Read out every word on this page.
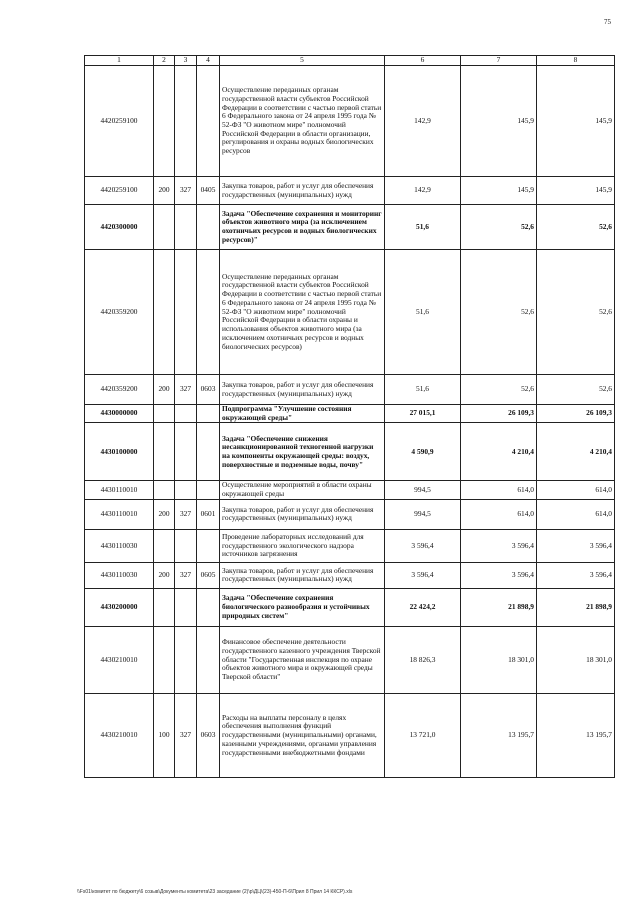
75
1	2	3	4	5	6	7	8
4420259100				Осуществление переданных органам государственной власти субъектов Российской Федерации в соответствии с частью первой статьи 6 Федерального закона от 24 апреля 1995 года № 52-ФЗ "О животном мире" полномочий Российской Федерации в области организации, регулирования и охраны водных биологических ресурсов	142,9	145,9	145,9
4420259100	200	327	0405	Закупка товаров, работ и услуг для обеспечения государственных (муниципальных) нужд	142,9	145,9	145,9
4420300000				Задача "Обеспечение сохранения и мониторинг объектов животного мира (за исключением охотничьих ресурсов и водных биологических ресурсов)"	51,6	52,6	52,6
4420359200				Осуществление переданных органам государственной власти субъектов Российской Федерации в соответствии с частью первой статьи 6 Федерального закона от 24 апреля 1995 года № 52-ФЗ "О животном мире" полномочий Российской Федерации в области охраны и использования объектов животного мира (за исключением охотничьих ресурсов и водных биологических ресурсов)	51,6	52,6	52,6
4420359200	200	327	0603	Закупка товаров, работ и услуг для обеспечения государственных (муниципальных) нужд	51,6	52,6	52,6
4430000000				Подпрограмма "Улучшение состояния окружающей среды"	27 015,1	26 109,3	26 109,3
4430100000				Задача "Обеспечение снижения несанкционированной техногенной нагрузки на компоненты окружающей среды: воздух, поверхностные и подземные воды, почву"	4 590,9	4 210,4	4 210,4
4430110010				Осуществление мероприятий в области охраны окружающей среды	994,5	614,0	614,0
4430110010	200	327	0601	Закупка товаров, работ и услуг для обеспечения государственных (муниципальных) нужд	994,5	614,0	614,0
4430110030				Проведение лабораторных исследований для государственного экологического надзора источников загрязнения	3 596,4	3 596,4	3 596,4
4430110030	200	327	0605	Закупка товаров, работ и услуг для обеспечения государственных (муниципальных) нужд	3 596,4	3 596,4	3 596,4
4430200000				Задача "Обеспечение сохранения биологического разнообразия и устойчивых природных систем"	22 424,2	21 898,9	21 898,9
4430210010				Финансовое обеспечение деятельности государственного казенного учреждения Тверской области "Государственная инспекция по охране объектов животного мира и окружающей среды Тверской области"	18 826,3	18 301,0	18 301,0
4430210010	100	327	0603	Расходы на выплаты персоналу в целях обеспечения выполнения функций государственными (муниципальными) органами, казенными учреждениями, органами управления государственными внебюджетными фондами	13 721,0	13 195,7	13 195,7
\\Fs01\комитет по бюджету\6 созыв\Документы комитета\23 заседание (2)\р\ДЦ\(23)-450-П-6\Прил 8 Прил 14 ККСР).xls
